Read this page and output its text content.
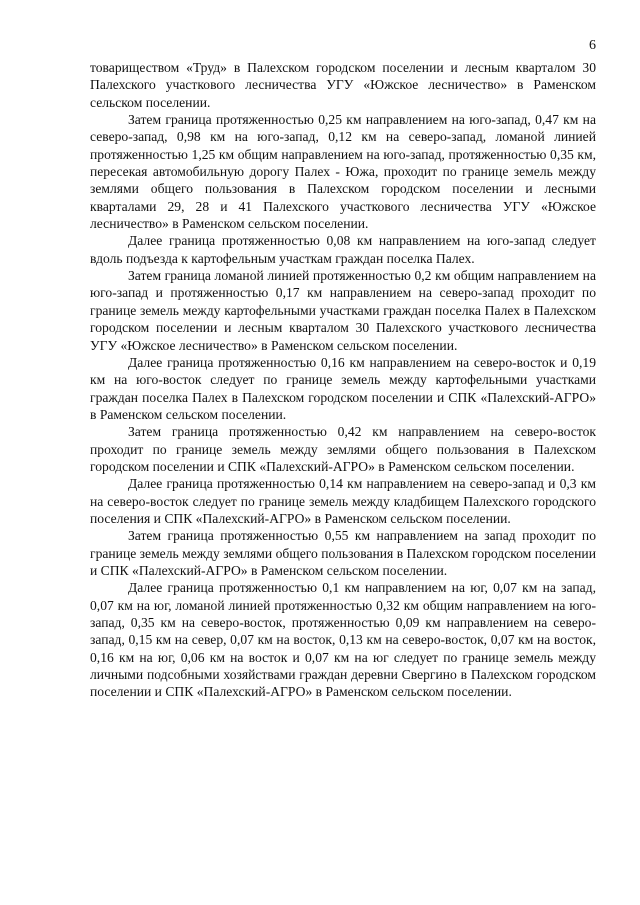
6

товариществом «Труд» в Палехском городском поселении и лесным кварталом 30 Палехского участкового лесничества УГУ «Южское лесничество» в Раменском сельском поселении.

Затем граница протяженностью 0,25 км направлением на юго-запад, 0,47 км на северо-запад, 0,98 км на юго-запад, 0,12 км на северо-запад, ломаной линией протяженностью 1,25 км общим направлением на юго-запад, протяженностью 0,35 км, пересекая автомобильную дорогу Палех - Южа, проходит по границе земель между землями общего пользования в Палехском городском поселении и лесными кварталами 29, 28 и 41 Палехского участкового лесничества УГУ «Южское лесничество» в Раменском сельском поселении.

Далее граница протяженностью 0,08 км направлением на юго-запад следует вдоль подъезда к картофельным участкам граждан поселка Палех.

Затем граница ломаной линией протяженностью 0,2 км общим направлением на юго-запад и протяженностью 0,17 км направлением на северо-запад проходит по границе земель между картофельными участками граждан поселка Палех в Палехском городском поселении и лесным кварталом 30 Палехского участкового лесничества УГУ «Южское лесничество» в Раменском сельском поселении.

Далее граница протяженностью 0,16 км направлением на северо-восток и 0,19 км на юго-восток следует по границе земель между картофельными участками граждан поселка Палех в Палехском городском поселении и СПК «Палехский-АГРО» в Раменском сельском поселении.

Затем граница протяженностью 0,42 км направлением на северо-восток проходит по границе земель между землями общего пользования в Палехском городском поселении и СПК «Палехский-АГРО» в Раменском сельском поселении.

Далее граница протяженностью 0,14 км направлением на северо-запад и 0,3 км на северо-восток следует по границе земель между кладбищем Палехского городского поселения и СПК «Палехский-АГРО» в Раменском сельском поселении.

Затем граница протяженностью 0,55 км направлением на запад проходит по границе земель между землями общего пользования в Палехском городском поселении и СПК «Палехский-АГРО» в Раменском сельском поселении.

Далее граница протяженностью 0,1 км направлением на юг, 0,07 км на запад, 0,07 км на юг, ломаной линией протяженностью 0,32 км общим направлением на юго-запад, 0,35 км на северо-восток, протяженностью 0,09 км направлением на северо-запад, 0,15 км на север, 0,07 км на восток, 0,13 км на северо-восток, 0,07 км на восток, 0,16 км на юг, 0,06 км на восток и 0,07 км на юг следует по границе земель между личными подсобными хозяйствами граждан деревни Свергино в Палехском городском поселении и СПК «Палехский-АГРО» в Раменском сельском поселении.
